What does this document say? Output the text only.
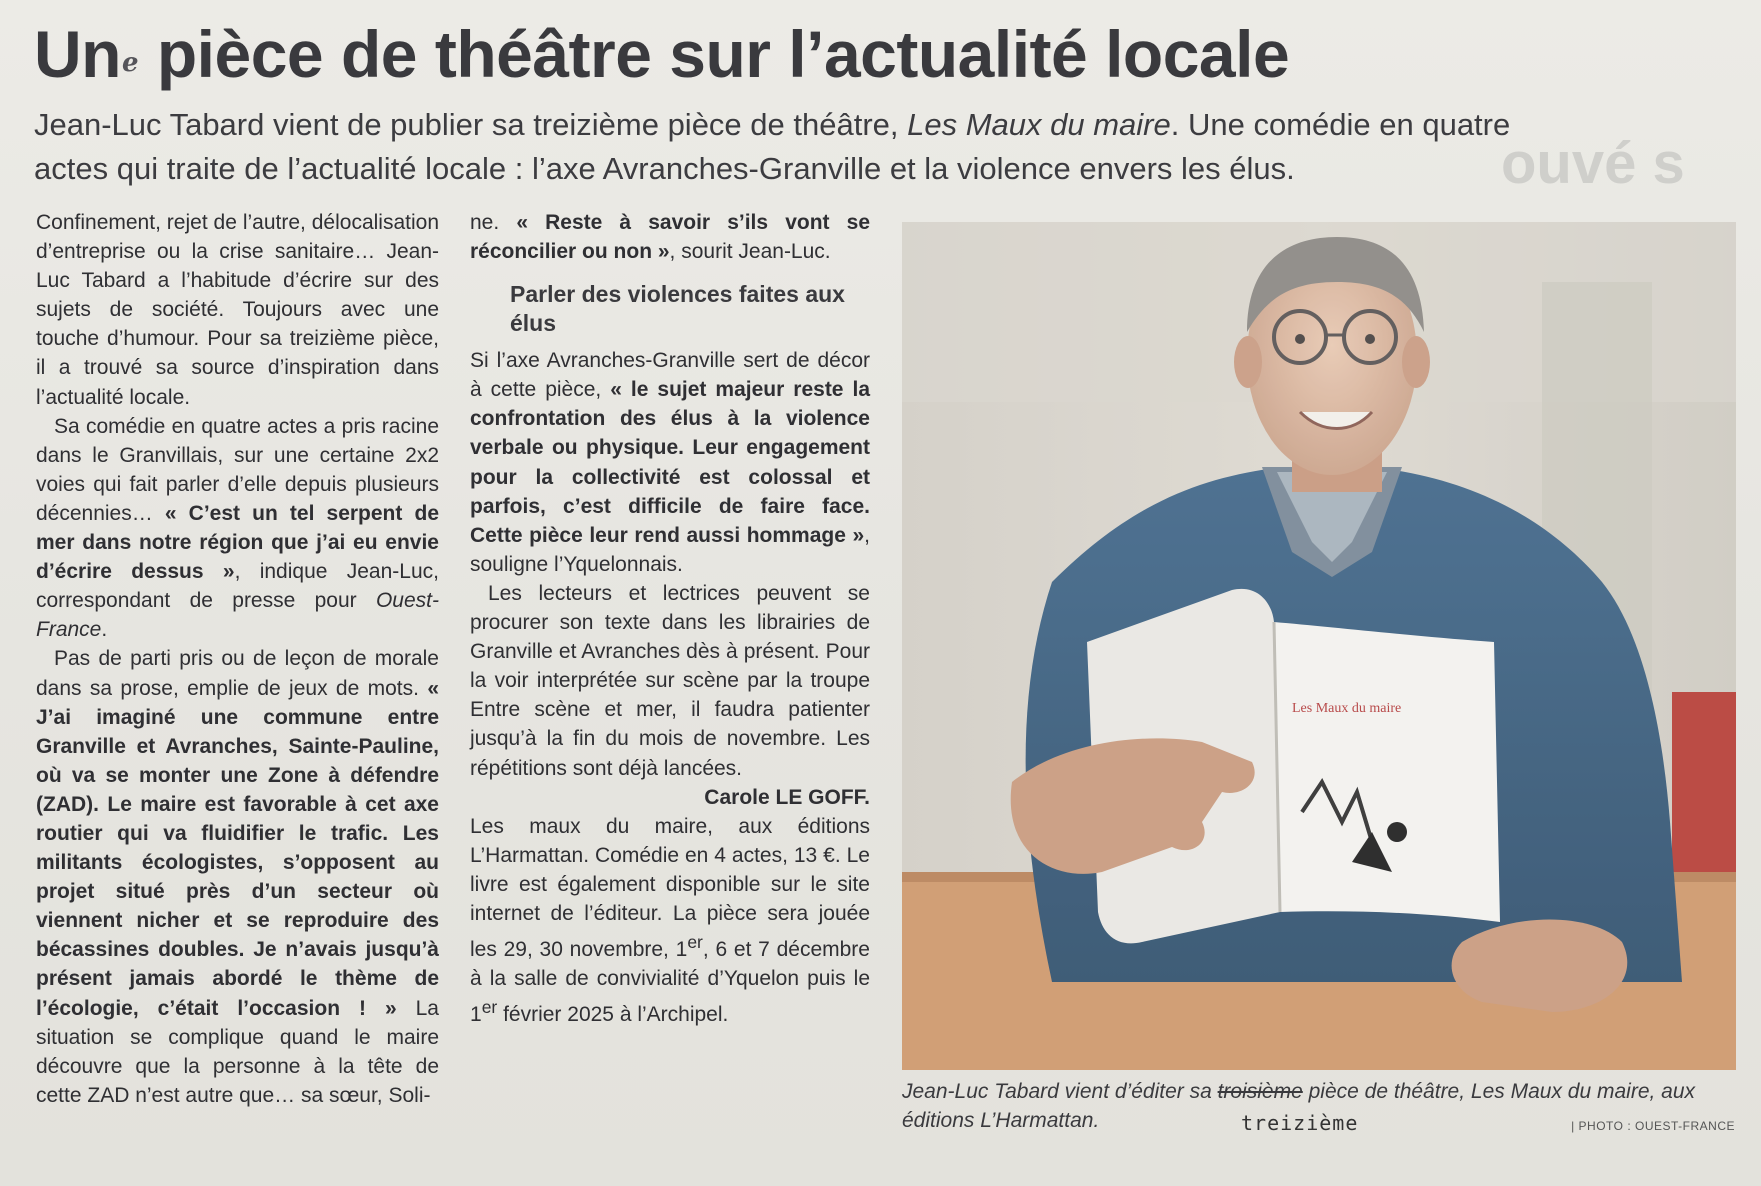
ouvé s
Une pièce de théâtre sur l’actualité locale

Jean-Luc Tabard vient de publier sa treizième pièce de théâtre, Les Maux du maire. Une comédie en quatre actes qui traite de l’actualité locale : l’axe Avranches-Granville et la violence envers les élus.

Confinement, rejet de l’autre, délocalisation d’entreprise ou la crise sanitaire… Jean-Luc Tabard a l’habitude d’écrire sur des sujets de société. Toujours avec une touche d’humour. Pour sa treizième pièce, il a trouvé sa source d’inspiration dans l’actualité locale.

Sa comédie en quatre actes a pris racine dans le Granvillais, sur une certaine 2x2 voies qui fait parler d’elle depuis plusieurs décennies… « C’est un tel serpent de mer dans notre région que j’ai eu envie d’écrire dessus », indique Jean-Luc, correspondant de presse pour Ouest-France.

Pas de parti pris ou de leçon de morale dans sa prose, emplie de jeux de mots. « J’ai imaginé une commune entre Granville et Avranches, Sainte-Pauline, où va se monter une Zone à défendre (ZAD). Le maire est favorable à cet axe routier qui va fluidifier le trafic. Les militants écologistes, s’opposent au projet situé près d’un secteur où viennent nicher et se reproduire des bécassines doubles. Je n’avais jusqu’à présent jamais abordé le thème de l’écologie, c’était l’occasion ! » La situation se complique quand le maire découvre que la personne à la tête de cette ZAD n’est autre que… sa sœur, Soli-

ne. « Reste à savoir s’ils vont se réconcilier ou non », sourit Jean-Luc.

Parler des violences faites aux élus

Si l’axe Avranches-Granville sert de décor à cette pièce, « le sujet majeur reste la confrontation des élus à la violence verbale ou physique. Leur engagement pour la collectivité est colossal et parfois, c’est difficile de faire face. Cette pièce leur rend aussi hommage », souligne l’Yquelonnais.

Les lecteurs et lectrices peuvent se procurer son texte dans les librairies de Granville et Avranches dès à présent. Pour la voir interprétée sur scène par la troupe Entre scène et mer, il faudra patienter jusqu’à la fin du mois de novembre. Les répétitions sont déjà lancées.

Carole LE GOFF.

Les maux du maire, aux éditions L’Harmattan. Comédie en 4 actes, 13 €. Le livre est également disponible sur le site internet de l’éditeur. La pièce sera jouée les 29, 30 novembre, 1er, 6 et 7 décembre à la salle de convivialité d’Yquelon puis le 1er février 2025 à l’Archipel.

Les Maux du maire

Jean-Luc Tabard vient d’éditer sa troisième pièce de théâtre, Les Maux du maire, aux éditions L’Harmattan.	treizième	| PHOTO : OUEST-FRANCE
